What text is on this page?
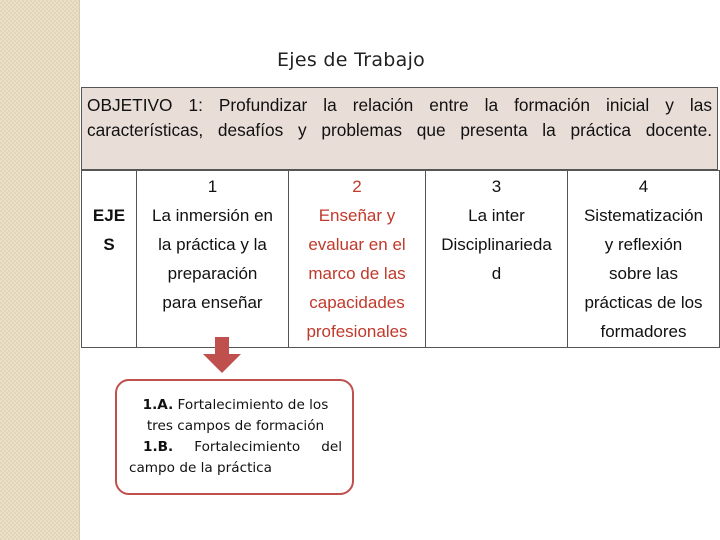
Ejes de Trabajo
OBJETIVO 1: Profundizar la relación entre la formación inicial y las
características, desafíos y problemas que presenta la práctica docente.
EJE
S

1
La inmersión en
la práctica y la
preparación
para enseñar

2
Enseñar y
evaluar en el
marco de las
capacidades
profesionales

3
La inter
Disciplinarieda
d

4
Sistematización
y reflexión
sobre las
prácticas de los
formadores
1.A. Fortalecimiento de los
tres campos de formación
1.B. Fortalecimiento del
campo de la práctica
